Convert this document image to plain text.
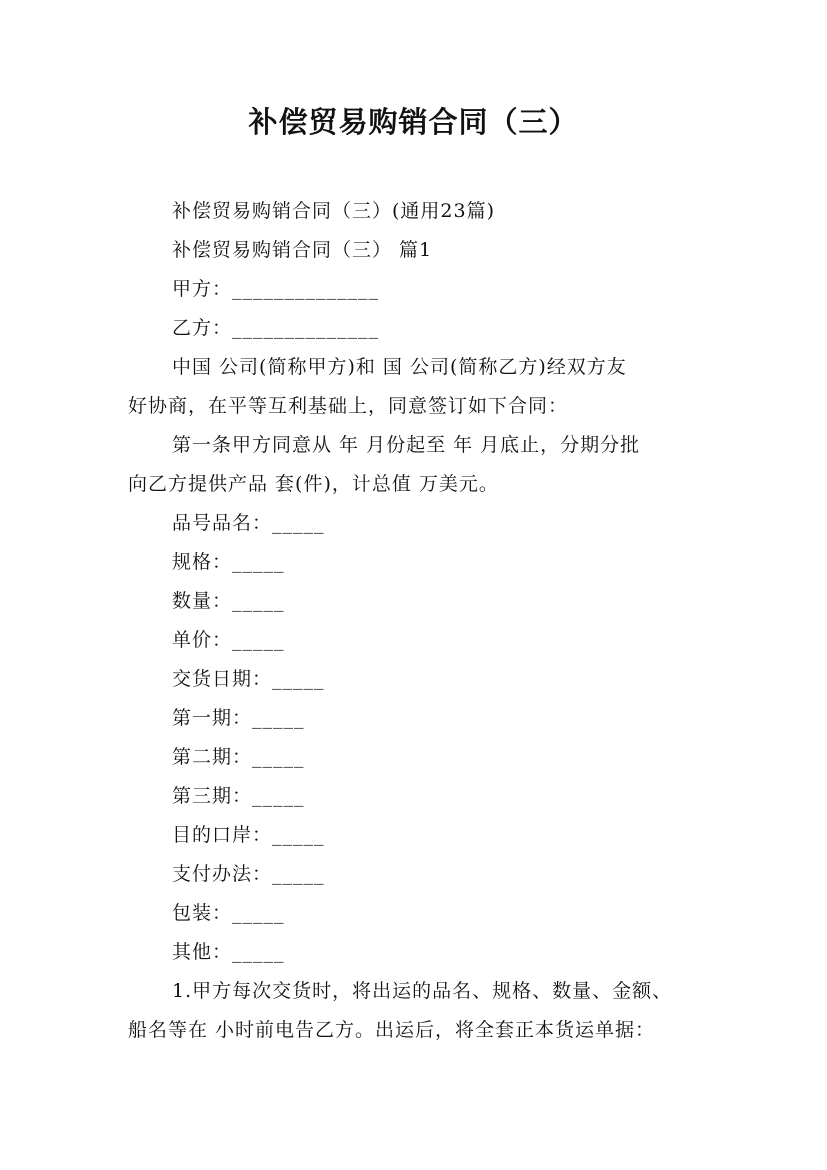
补偿贸易购销合同（三）
补偿贸易购销合同（三）(通用23篇)
补偿贸易购销合同（三） 篇1
甲方：______________
乙方：______________
中国 公司(简称甲方)和 国 公司(简称乙方)经双方友
好协商，在平等互利基础上，同意签订如下合同：
第一条甲方同意从 年 月份起至 年 月底止，分期分批
向乙方提供产品 套(件)，计总值 万美元。
品号品名：_____
规格：_____
数量：_____
单价：_____
交货日期：_____
第一期：_____
第二期：_____
第三期：_____
目的口岸：_____
支付办法：_____
包装：_____
其他：_____
1.甲方每次交货时，将出运的品名、规格、数量、金额、
船名等在 小时前电告乙方。出运后，将全套正本货运单据：
